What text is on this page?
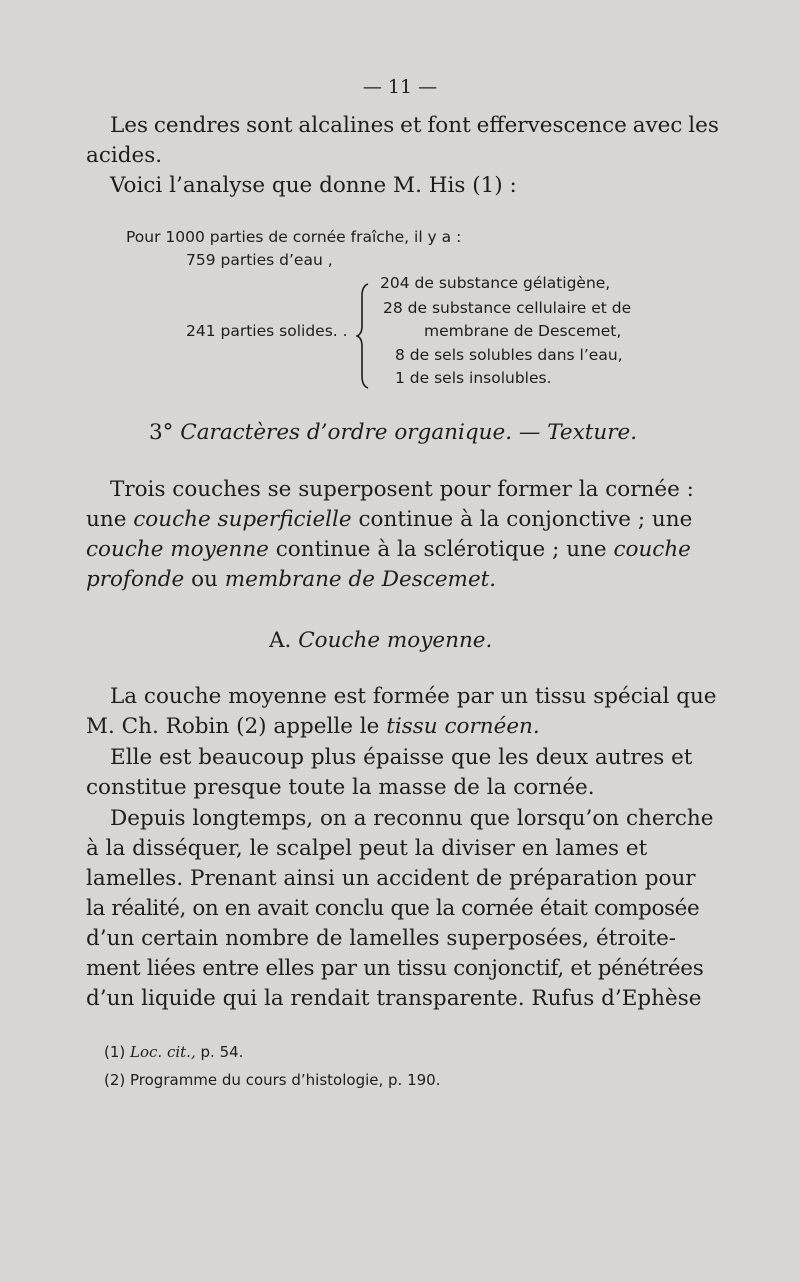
— 11 —
Les cendres sont alcalines et font effervescence avec les
acides.
Voici l’analyse que donne M. His (1) :
Pour 1000 parties de cornée fraîche, il y a :
759 parties d’eau ,
241 parties solides. .
204 de substance gélatigène,
28 de substance cellulaire et de
membrane de Descemet,
8 de sels solubles dans l’eau,
1 de sels insolubles.
3° Caractères d’ordre organique. — Texture.
Trois couches se superposent pour former la cornée :
une couche superficielle continue à la conjonctive ; une
couche moyenne continue à la sclérotique ; une couche
profonde ou membrane de Descemet.
A. Couche moyenne.
La couche moyenne est formée par un tissu spécial que
M. Ch. Robin (2) appelle le tissu cornéen.
Elle est beaucoup plus épaisse que les deux autres et
constitue presque toute la masse de la cornée.
Depuis longtemps, on a reconnu que lorsqu’on cherche
à la disséquer, le scalpel peut la diviser en lames et
lamelles. Prenant ainsi un accident de préparation pour
la réalité, on en avait conclu que la cornée était composée
d’un certain nombre de lamelles superposées, étroite-
ment liées entre elles par un tissu conjonctif, et pénétrées
d’un liquide qui la rendait transparente. Rufus d’Ephèse
(1) Loc. cit., p. 54.
(2) Programme du cours d’histologie, p. 190.
